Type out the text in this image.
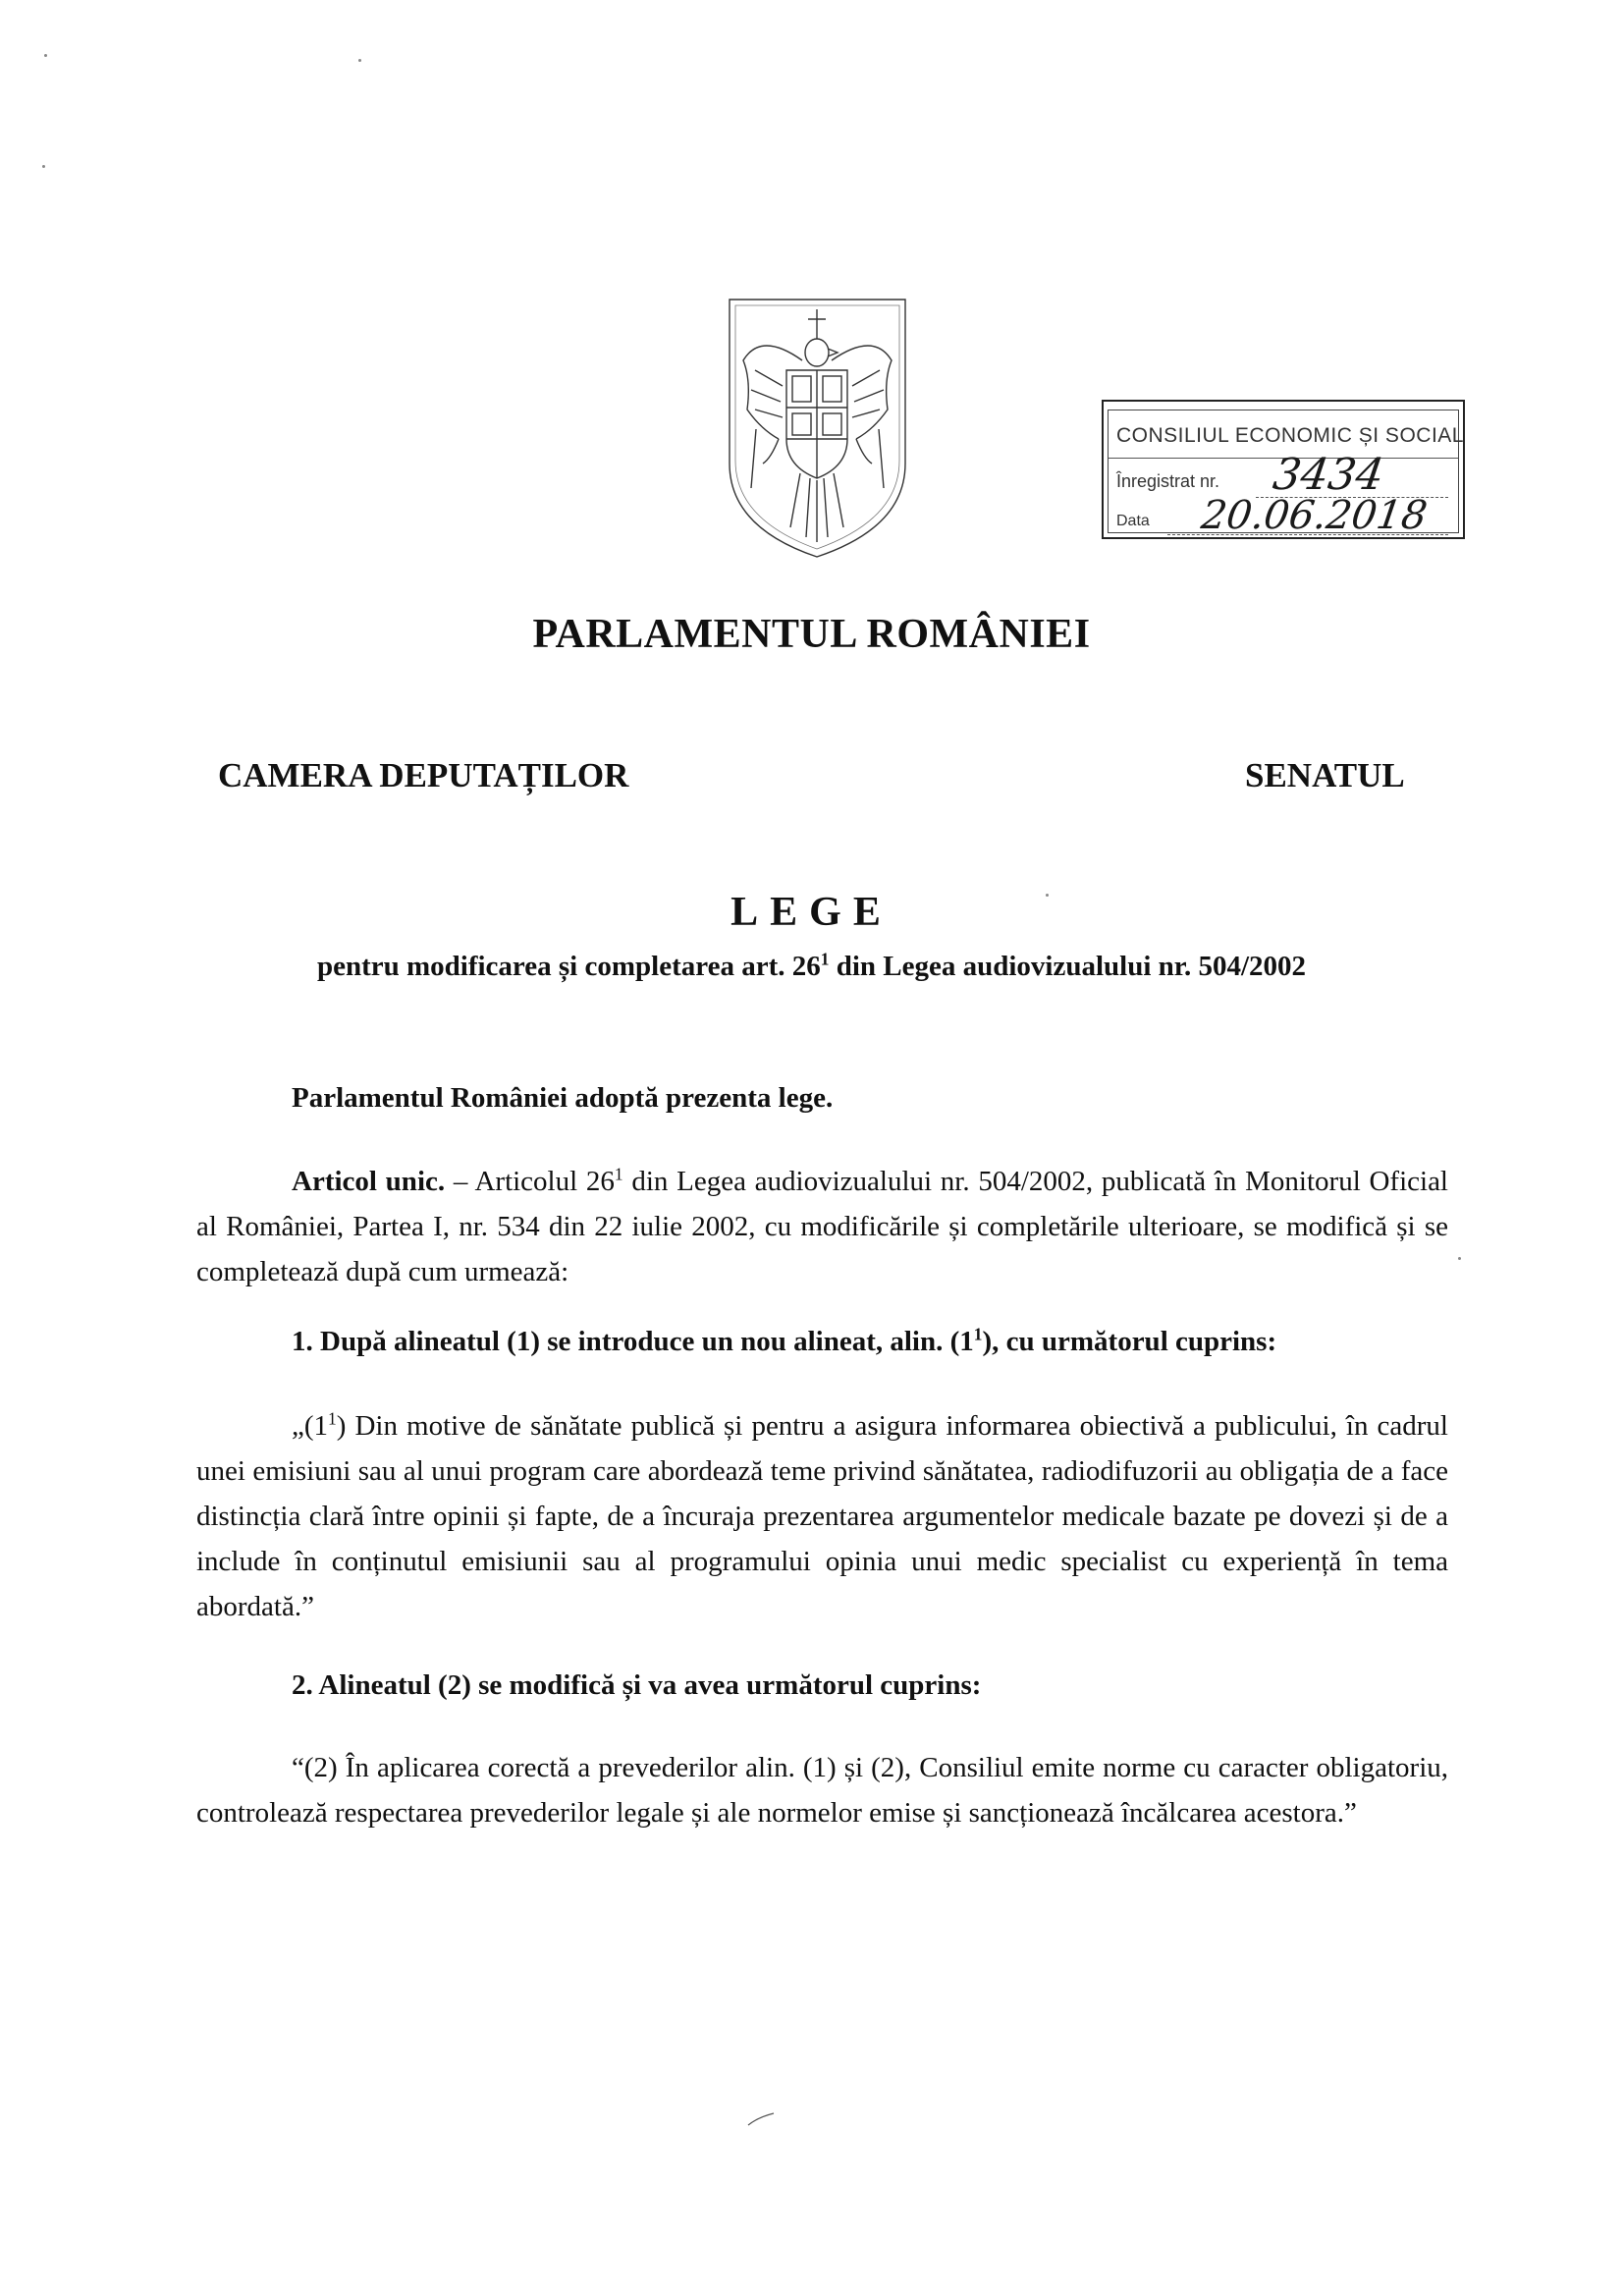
CONSILIUL ECONOMIC ȘI SOCIAL
Înregistrat nr. 3434
Data 20.06.2018
PARLAMENTUL ROMÂNIEI
CAMERA DEPUTAȚILOR	SENATUL
LEGE
pentru modificarea și completarea art. $26^1$ din Legea audiovizualului nr. 504/2002
Parlamentul României adoptă prezenta lege.
Articol unic. – Articolul $26^1$ din Legea audiovizualului nr. 504/2002, publicată în Monitorul Oficial al României, Partea I, nr. 534 din 22 iulie 2002, cu modificările și completările ulterioare, se modifică și se completează după cum urmează:
1. După alineatul (1) se introduce un nou alineat, alin. $(1^1)$, cu următorul cuprins:
$„(1^1)$ Din motive de sănătate publică și pentru a asigura informarea obiectivă a publicului, în cadrul unei emisiuni sau al unui program care abordează teme privind sănătatea, radiodifuzorii au obligația de a face distincția clară între opinii și fapte, de a încuraja prezentarea argumentelor medicale bazate pe dovezi și de a include în conținutul emisiunii sau al programului opinia unui medic specialist cu experiență în tema abordată.”
2. Alineatul (2) se modifică și va avea următorul cuprins:
“(2) În aplicarea corectă a prevederilor alin. (1) și (2), Consiliul emite norme cu caracter obligatoriu, controlează respectarea prevederilor legale și ale normelor emise și sancționează încălcarea acestora.”
